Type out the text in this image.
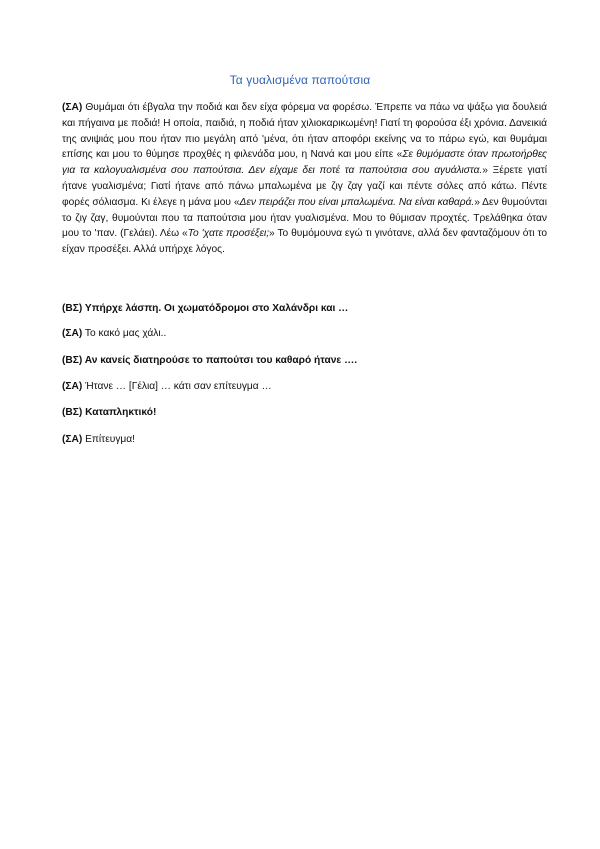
Τα γυαλισμένα παπούτσια

(ΣΑ) Θυμάμαι ότι έβγαλα την ποδιά και δεν είχα φόρεμα να φορέσω. Έπρεπε να πάω να ψάξω για δουλειά και πήγαινα με ποδιά! Η οποία, παιδιά, η ποδιά ήταν χιλιοκαρικωμένη! Γιατί τη φορούσα έξι χρόνια. Δανεικιά της ανιψιάς μου που ήταν πιο μεγάλη από 'μένα, ότι ήταν αποφόρι εκείνης να το πάρω εγώ, και θυμάμαι επίσης και μου το θύμησε προχθές η φιλενάδα μου, η Νανά και μου είπε «Σε θυμόμαστε όταν πρωτοήρθες για τα καλογυαλισμένα σου παπούτσια. Δεν είχαμε δει ποτέ τα παπούτσια σου αγυάλιστα.» Ξέρετε γιατί ήτανε γυαλισμένα; Γιατί ήτανε από πάνω μπαλωμένα με ζιγ ζαγ γαζί και πέντε σόλες από κάτω. Πέντε φορές σόλιασμα. Κι έλεγε η μάνα μου «Δεν πειράζει που είναι μπαλωμένα. Να είναι καθαρά.» Δεν θυμούνται το ζιγ ζαγ, θυμούνται που τα παπούτσια μου ήταν γυαλισμένα. Μου το θύμισαν προχτές. Τρελάθηκα όταν μου το 'παν. (Γελάει). Λέω «Το 'χατε προσέξει;» Το θυμόμουνα εγώ τι γινότανε, αλλά δεν φανταζόμουν ότι το είχαν προσέξει. Αλλά υπήρχε λόγος.

(ΒΣ) Υπήρχε λάσπη. Οι χωματόδρομοι στο Χαλάνδρι και …

(ΣΑ) Το κακό μας χάλι..

(ΒΣ) Αν κανείς διατηρούσε το παπούτσι του καθαρό ήτανε ….

(ΣΑ) Ήτανε … [Γέλια] … κάτι σαν επίτευγμα …

(ΒΣ) Καταπληκτικό!

(ΣΑ) Επίτευγμα!
